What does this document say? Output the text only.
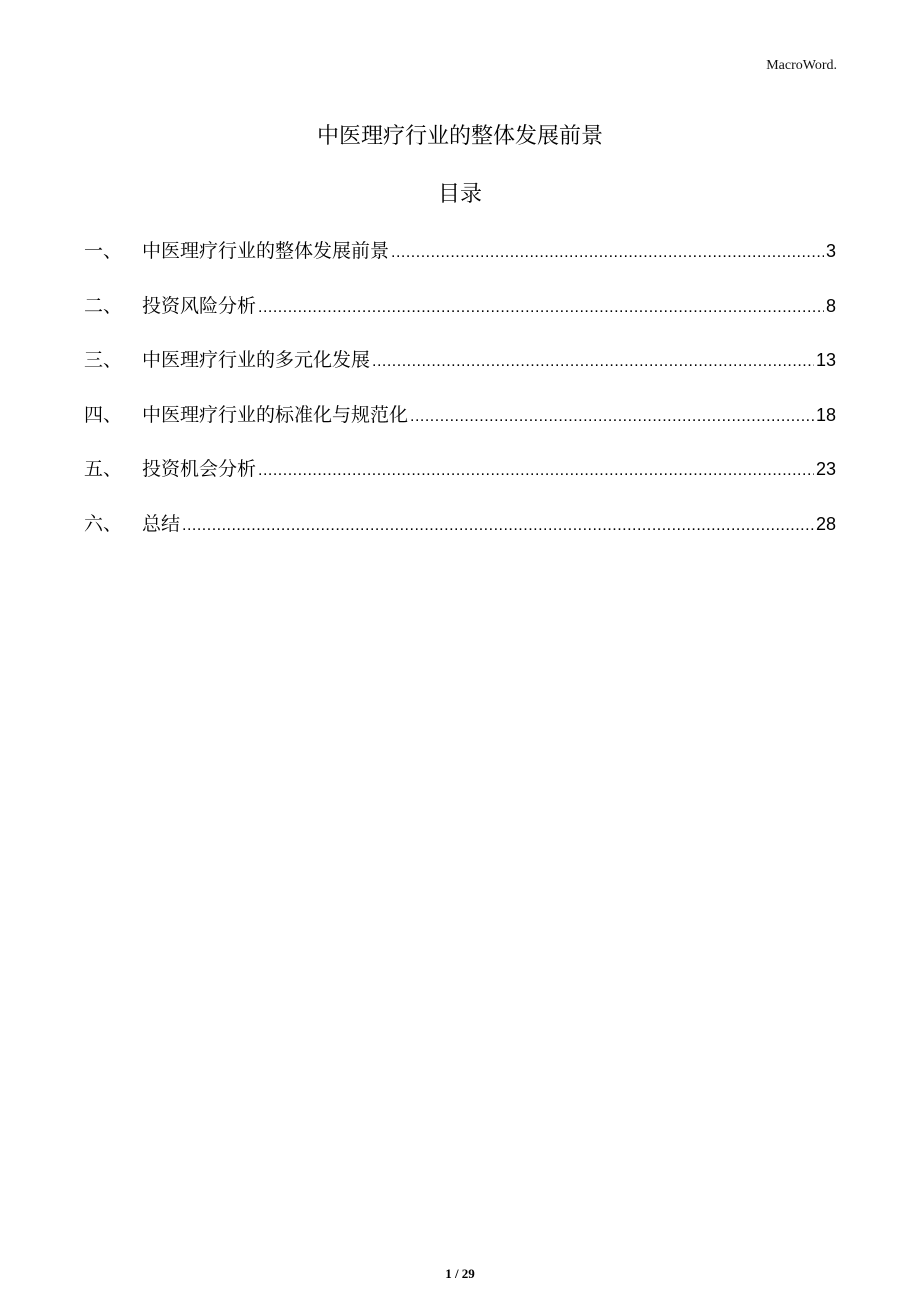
MacroWord.
中医理疗行业的整体发展前景
目录
一、	中医理疗行业的整体发展前景 .....	3
二、	投资风险分析 .....	8
三、	中医理疗行业的多元化发展 .....	13
四、	中医理疗行业的标准化与规范化 .....	18
五、	投资机会分析 .....	23
六、	总结 .....	28
1 / 29
